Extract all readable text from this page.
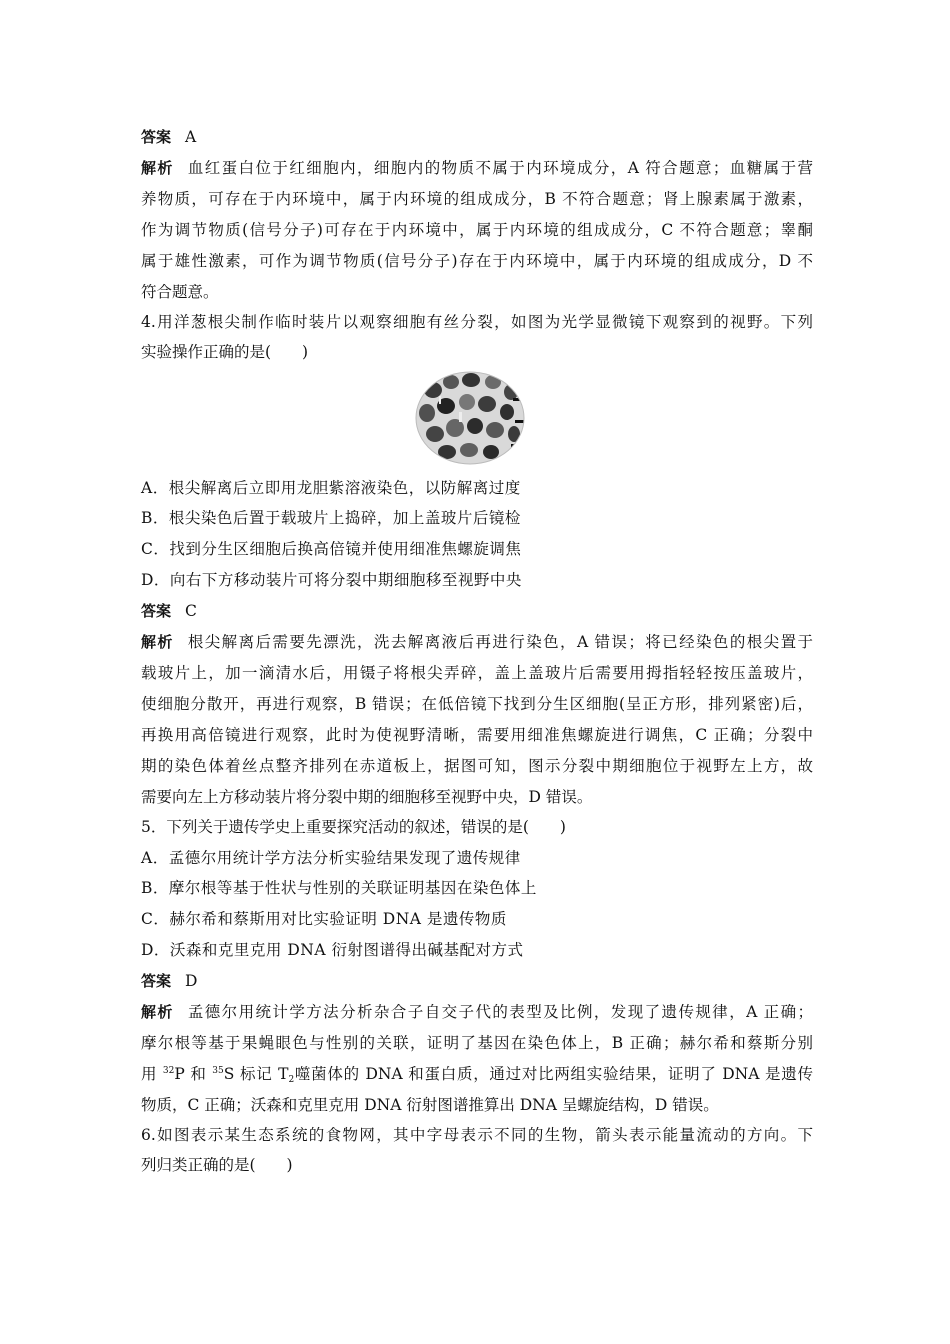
答案 A
解析 血红蛋白位于红细胞内，细胞内的物质不属于内环境成分，A 符合题意；血糖属于营
养物质，可存在于内环境中，属于内环境的组成成分，B 不符合题意；肾上腺素属于激素，
作为调节物质(信号分子)可存在于内环境中，属于内环境的组成成分，C 不符合题意；睾酮
属于雄性激素，可作为调节物质(信号分子)存在于内环境中，属于内环境的组成成分，D 不
符合题意。
4.用洋葱根尖制作临时装片以观察细胞有丝分裂，如图为光学显微镜下观察到的视野。下列
实验操作正确的是(　　)
A．根尖解离后立即用龙胆紫溶液染色，以防解离过度
B．根尖染色后置于载玻片上捣碎，加上盖玻片后镜检
C．找到分生区细胞后换高倍镜并使用细准焦螺旋调焦
D．向右下方移动装片可将分裂中期细胞移至视野中央
答案 C
解析 根尖解离后需要先漂洗，洗去解离液后再进行染色，A 错误；将已经染色的根尖置于
载玻片上，加一滴清水后，用镊子将根尖弄碎，盖上盖玻片后需要用拇指轻轻按压盖玻片，
使细胞分散开，再进行观察，B 错误；在低倍镜下找到分生区细胞(呈正方形，排列紧密)后，
再换用高倍镜进行观察，此时为使视野清晰，需要用细准焦螺旋进行调焦，C 正确；分裂中
期的染色体着丝点整齐排列在赤道板上，据图可知，图示分裂中期细胞位于视野左上方，故
需要向左上方移动装片将分裂中期的细胞移至视野中央，D 错误。
5．下列关于遗传学史上重要探究活动的叙述，错误的是(　　)
A．孟德尔用统计学方法分析实验结果发现了遗传规律
B．摩尔根等基于性状与性别的关联证明基因在染色体上
C．赫尔希和蔡斯用对比实验证明 DNA 是遗传物质
D．沃森和克里克用 DNA 衍射图谱得出碱基配对方式
答案 D
解析 孟德尔用统计学方法分析杂合子自交子代的表型及比例，发现了遗传规律，A 正确；
摩尔根等基于果蝇眼色与性别的关联，证明了基因在染色体上，B 正确；赫尔希和蔡斯分别
用 $^{32}$P 和 $^{35}$S 标记 $T_2$噬菌体的 DNA 和蛋白质，通过对比两组实验结果，证明了 DNA 是遗传
物质，C 正确；沃森和克里克用 DNA 衍射图谱推算出 DNA 呈螺旋结构，D 错误。
6.如图表示某生态系统的食物网，其中字母表示不同的生物，箭头表示能量流动的方向。下
列归类正确的是(　　)
